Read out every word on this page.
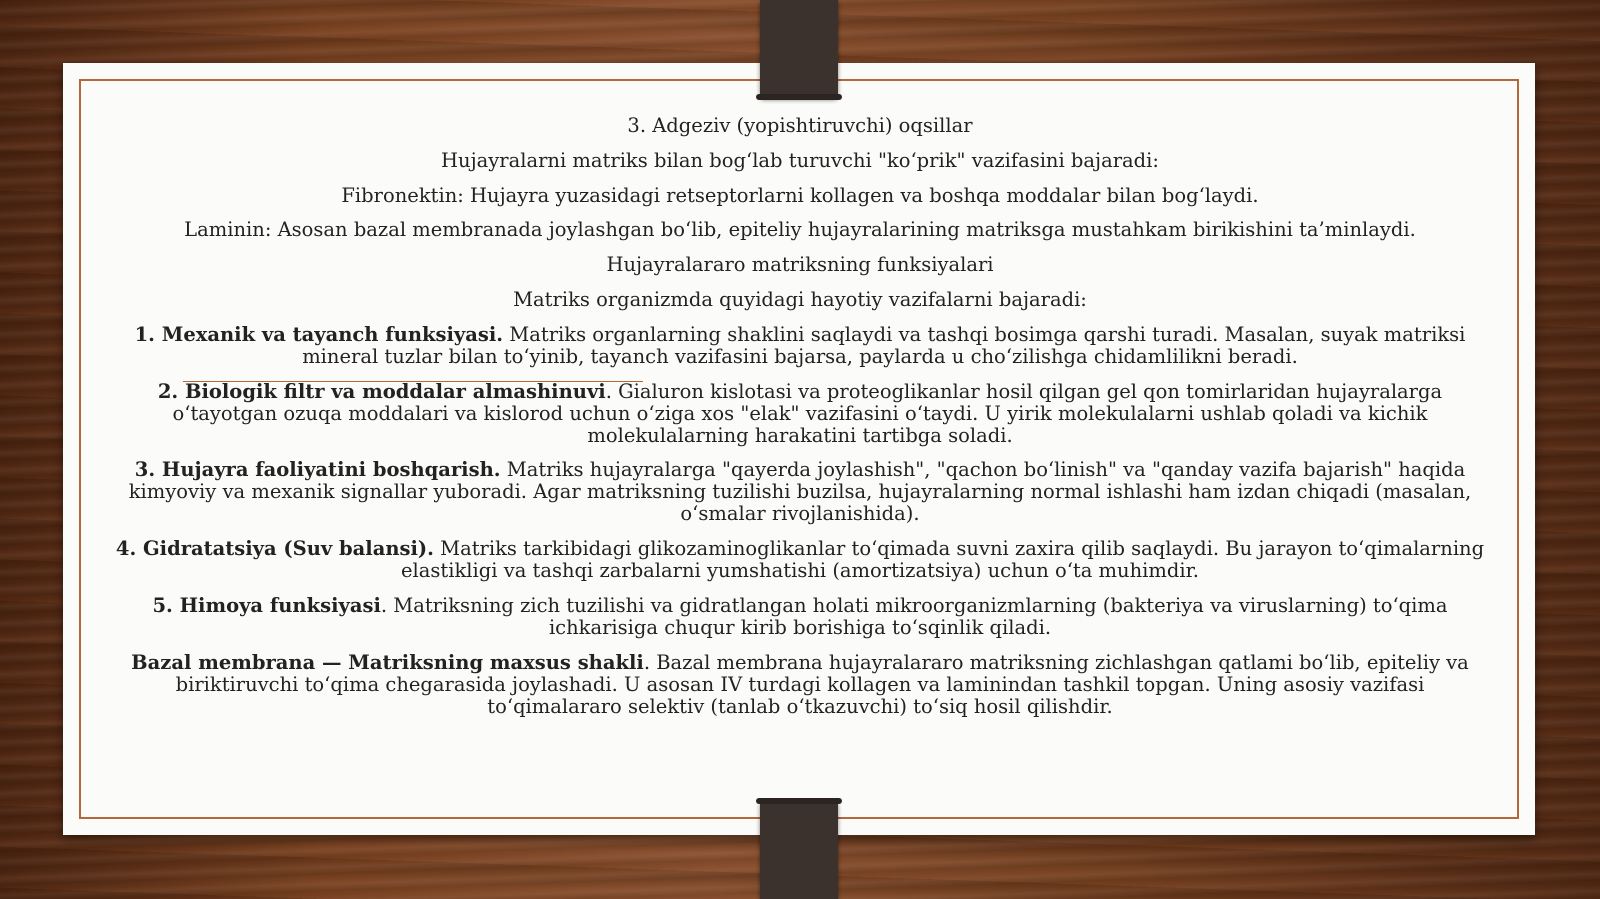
3. Adgeziv (yopishtiruvchi) oqsillar

Hujayralarni matriks bilan bog‘lab turuvchi "ko‘prik" vazifasini bajaradi:

Fibronektin: Hujayra yuzasidagi retseptorlarni kollagen va boshqa moddalar bilan bog‘laydi.

Laminin: Asosan bazal membranada joylashgan bo‘lib, epiteliy hujayralarining matriksga mustahkam birikishini ta’minlaydi.

Hujayralararo matriksning funksiyalari

Matriks organizmda quyidagi hayotiy vazifalarni bajaradi:

1. Mexanik va tayanch funksiyasi. Matriks organlarning shaklini saqlaydi va tashqi bosimga qarshi turadi. Masalan, suyak matriksi mineral tuzlar bilan to‘yinib, tayanch vazifasini bajarsa, paylarda u cho‘zilishga chidamlilikni beradi.

2. Biologik filtr va moddalar almashinuvi. Gialuron kislotasi va proteoglikanlar hosil qilgan gel qon tomirlaridan hujayralarga o‘tayotgan ozuqa moddalari va kislorod uchun o‘ziga xos "elak" vazifasini o‘taydi. U yirik molekulalarni ushlab qoladi va kichik molekulalarning harakatini tartibga soladi.

3. Hujayra faoliyatini boshqarish. Matriks hujayralarga "qayerda joylashish", "qachon bo‘linish" va "qanday vazifa bajarish" haqida kimyoviy va mexanik signallar yuboradi. Agar matriksning tuzilishi buzilsa, hujayralarning normal ishlashi ham izdan chiqadi (masalan, o‘smalar rivojlanishida).

4. Gidratatsiya (Suv balansi). Matriks tarkibidagi glikozaminoglikanlar to‘qimada suvni zaxira qilib saqlaydi. Bu jarayon to‘qimalarning elastikligi va tashqi zarbalarni yumshatishi (amortizatsiya) uchun o‘ta muhimdir.

5. Himoya funksiyasi. Matriksning zich tuzilishi va gidratlangan holati mikroorganizmlarning (bakteriya va viruslarning) to‘qima ichkarisiga chuqur kirib borishiga to‘sqinlik qiladi.

Bazal membrana — Matriksning maxsus shakli. Bazal membrana hujayralararo matriksning zichlashgan qatlami bo‘lib, epiteliy va biriktiruvchi to‘qima chegarasida joylashadi. U asosan IV turdagi kollagen va laminindan tashkil topgan. Uning asosiy vazifasi to‘qimalararo selektiv (tanlab o‘tkazuvchi) to‘siq hosil qilishdir.
